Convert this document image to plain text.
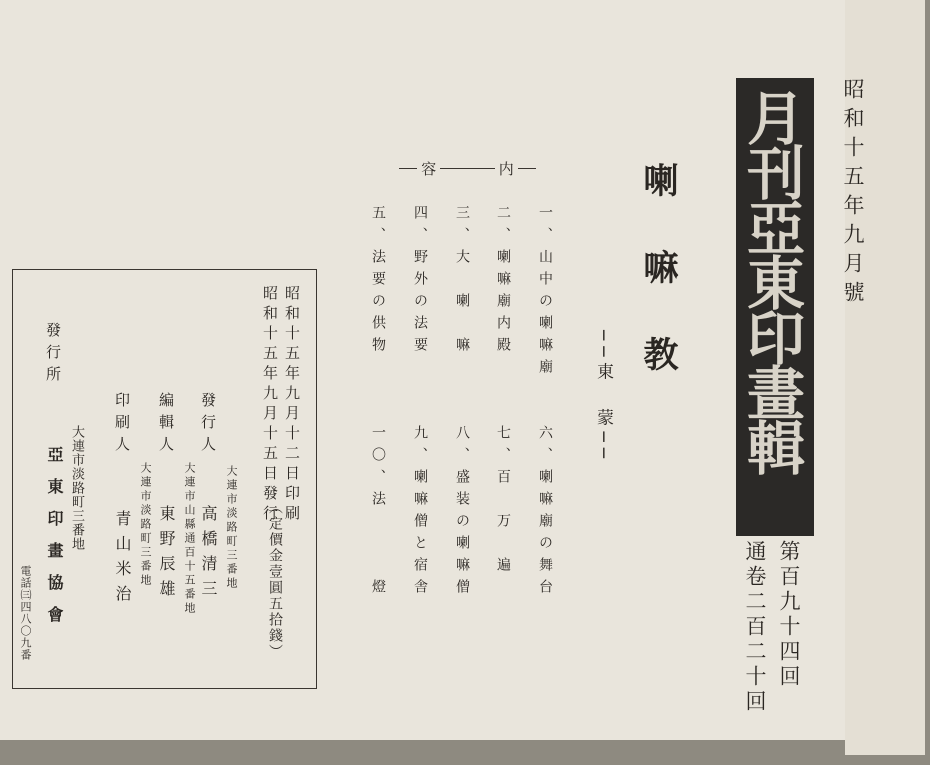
昭和十五年九月號
月刊亞東印畫輯
第百九十四回
通卷二百二十回
喇嘛教
──東　蒙──
容	内
一、山中の喇嘛廟　　六、喇嘛廟の舞台
二、喇嘛廟内殿　　　七、百　万　遍
三、大　喇　嘛　　　八、盛装の喇嘛僧
四、野外の法要　　　九、喇嘛僧と宿舎
五、法要の供物　　　一〇、法　　　燈
昭和十五年九月十二日印刷
昭和十五年九月十五日發行
（定價金壹圓五拾錢）
發行人
高橋清三 大連市淡路町三番地
編輯人
東野辰雄 大連市山縣通百十五番地
印刷人
青山米治 大連市淡路町三番地
發行所
大連市淡路町三番地
亞東印畫協會
電話㈢四八〇九番
